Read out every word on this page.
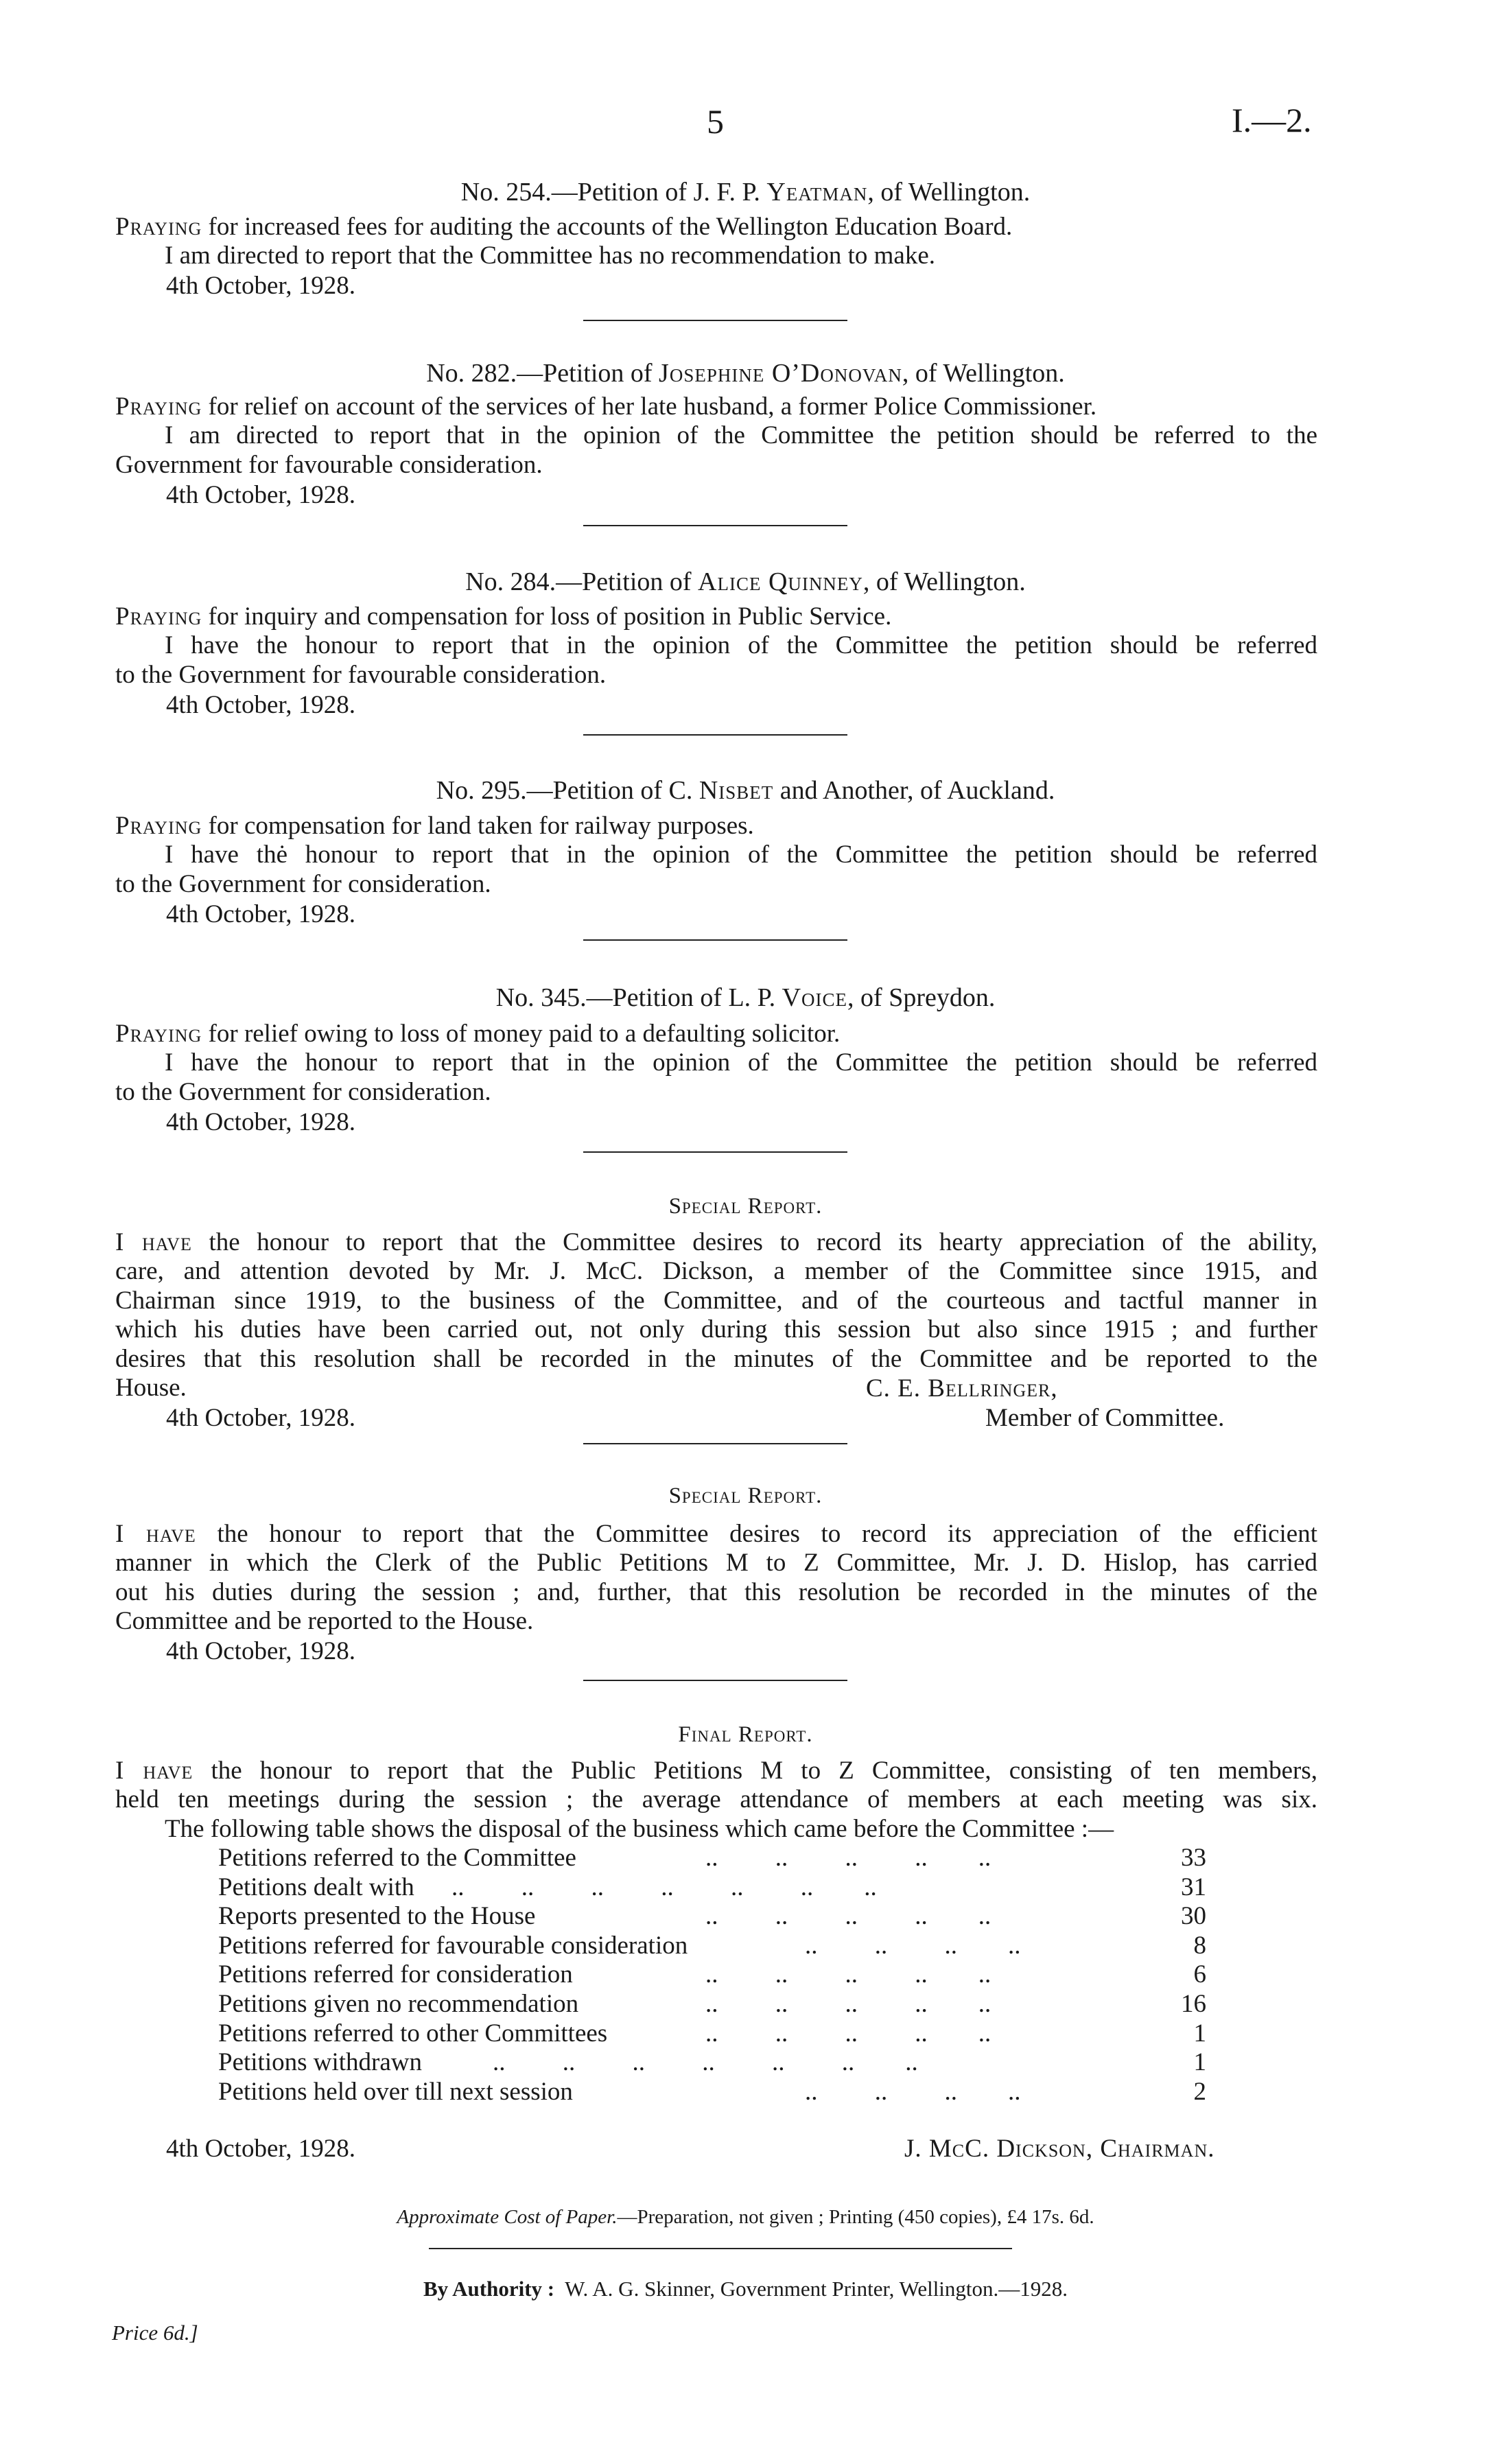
5	I.—2.
No. 254.—Petition of J. F. P. Yeatman, of Wellington.
Praying for increased fees for auditing the accounts of the Wellington Education Board.
I am directed to report that the Committee has no recommendation to make.
4th October, 1928.
No. 282.—Petition of Josephine O’Donovan, of Wellington.
Praying for relief on account of the services of her late husband, a former Police Commissioner.
I am directed to report that in the opinion of the Committee the petition should be referred to the
Government for favourable consideration.
4th October, 1928.
No. 284.—Petition of Alice Quinney, of Wellington.
Praying for inquiry and compensation for loss of position in Public Service.
I have the honour to report that in the opinion of the Committee the petition should be referred
to the Government for favourable consideration.
4th October, 1928.
No. 295.—Petition of C. Nisbet and Another, of Auckland.
Praying for compensation for land taken for railway purposes.
I have thė honour to report that in the opinion of the Committee the petition should be referred
to the Government for consideration.
4th October, 1928.
No. 345.—Petition of L. P. Voice, of Spreydon.
Praying for relief owing to loss of money paid to a defaulting solicitor.
I have the honour to report that in the opinion of the Committee the petition should be referred
to the Government for consideration.
4th October, 1928.
Special Report.
I have the honour to report that the Committee desires to record its hearty appreciation of the ability,
care, and attention devoted by Mr. J. McC. Dickson, a member of the Committee since 1915, and
Chairman since 1919, to the business of the Committee, and of the courteous and tactful manner in
which his duties have been carried out, not only during this session but also since 1915 ; and further
desires that this resolution shall be recorded in the minutes of the Committee and be reported to the
House.	C. E. Bellringer,
4th October, 1928.	Member of Committee.
Special Report.
I have the honour to report that the Committee desires to record its appreciation of the efficient
manner in which the Clerk of the Public Petitions M to Z Committee, Mr. J. D. Hislop, has carried
out his duties during the session ; and, further, that this resolution be recorded in the minutes of the
Committee and be reported to the House.
4th October, 1928.
Final Report.
I have the honour to report that the Public Petitions M to Z Committee, consisting of ten members,
held ten meetings during the session ; the average attendance of members at each meeting was six.
The following table shows the disposal of the business which came before the Committee :—
Petitions referred to the Committee	..         ..         ..         ..        ..	33
Petitions dealt with ..         ..         ..         ..         ..         ..        ..	31
Reports presented to the House	..         ..         ..         ..        ..	30
Petitions referred for favourable consideration	..         ..         ..        ..	8
Petitions referred for consideration	..         ..         ..         ..        ..	6
Petitions given no recommendation	..         ..         ..         ..        ..	16
Petitions referred to other Committees	..         ..         ..         ..        ..	1
Petitions withdrawn	..         ..         ..         ..         ..         ..        ..	1
Petitions held over till next session	..         ..         ..        ..	2
4th October, 1928.	J. McC. Dickson, Chairman.
Approximate Cost of Paper.—Preparation, not given ; Printing (450 copies), £4 17s. 6d.
By Authority : W. A. G. Skinner, Government Printer, Wellington.—1928.
Price 6d.]
